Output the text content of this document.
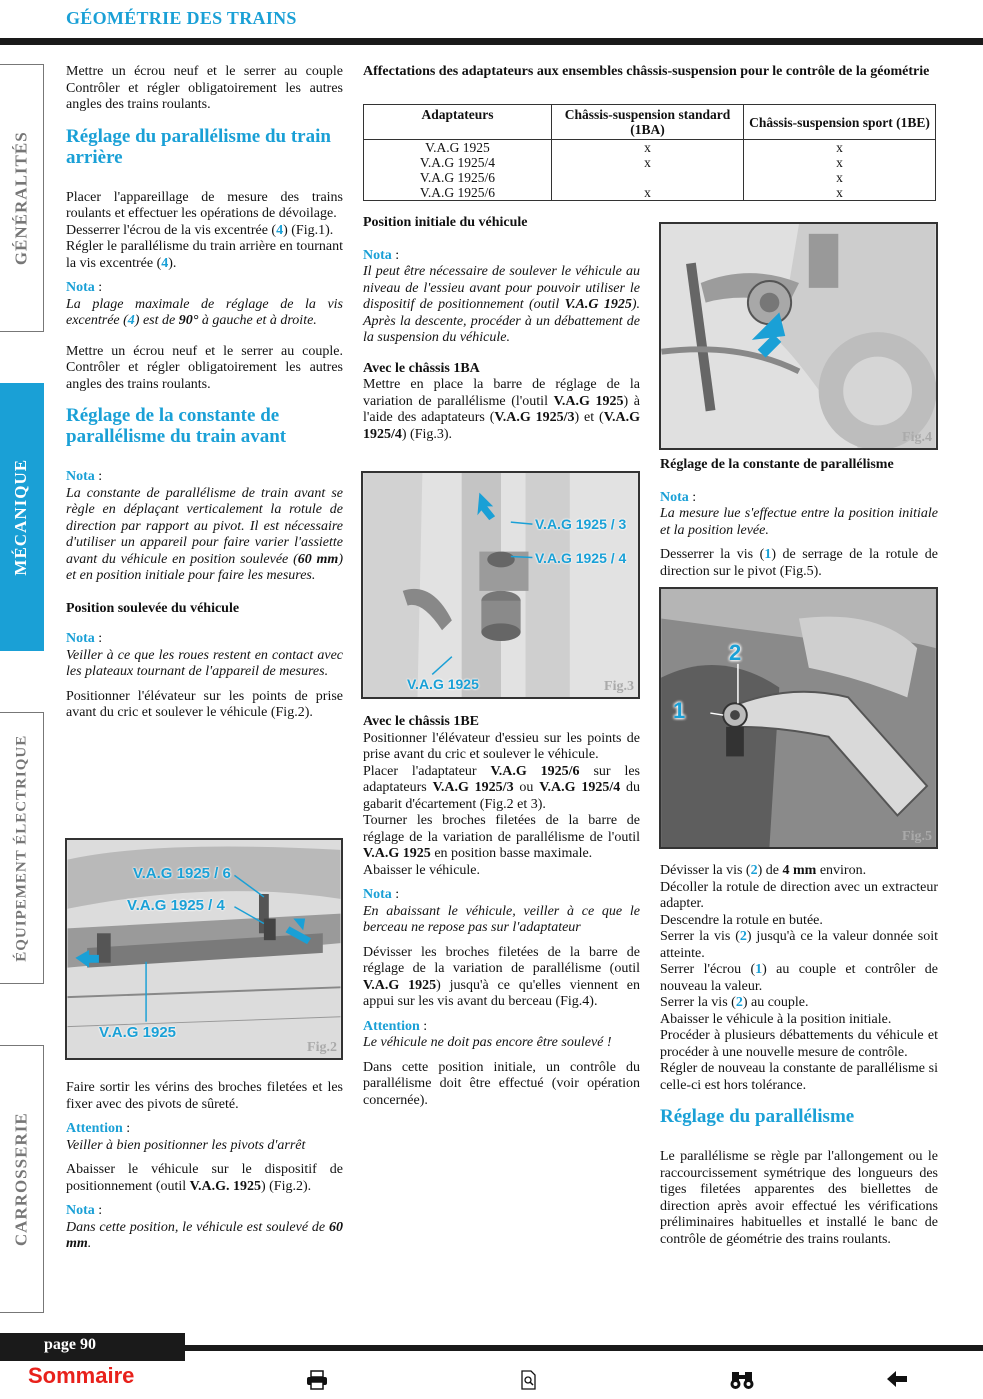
GÉOMÉTRIE DES TRAINS
GÉNÉRALITÉS
MÉCANIQUE
ÉQUIPEMENT ÉLECTRIQUE
CARROSSERIE

Mettre un écrou neuf et le serrer au couple Contrôler et régler obligatoirement les autres angles des trains roulants.

Réglage du parallélisme du train arrière

Placer l'appareillage de mesure des trains roulants et effectuer les opérations de dévoilage.

Desserrer l'écrou de la vis excentrée (4) (Fig.1).

Régler le parallélisme du train arrière en tournant la vis excentrée (4).

Nota :

La plage maximale de réglage de la vis excentrée (4) est de 90° à gauche et à droite.

Mettre un écrou neuf et le serrer au couple. Contrôler et régler obligatoirement les autres angles des trains roulants.

Réglage de la constante de parallélisme du train avant
Nota :

La constante de parallélisme de train avant se règle en déplaçant verticalement la rotule de direction par rapport au pivot. Il est nécessaire d'utiliser un appareil pour faire varier l'assiette avant du véhicule en position soulevée (60 mm) et en position initiale pour faire les mesures.

Position soulevée du véhicule
Nota :

Veiller à ce que les roues restent en contact avec les plateaux tournant de l'appareil de mesures.

Positionner l'élévateur sur les points de prise avant du cric et soulever le véhicule (Fig.2).

V.A.G 1925 / 6
V.A.G 1925 / 4
V.A.G 1925
Fig.2

Faire sortir les vérins des broches filetées et les fixer avec des pivots de sûreté.

Attention :

Veiller à bien positionner les pivots d'arrêt

Abaisser le véhicule sur le dispositif de positionnement (outil V.A.G. 1925) (Fig.2).

Nota :

Dans cette position, le véhicule est soulevé de 60 mm.

Affectations des adaptateurs aux ensembles châssis-suspension pour le contrôle de la géométrie
Adaptateurs	Châssis-suspension standard (1BA)	Châssis-suspension sport (1BE)
V.A.G 1925	x	x
V.A.G 1925/4	x	x
V.A.G 1925/6		x
V.A.G 1925/6	x	x
Position initiale du véhicule
Nota :

Il peut être nécessaire de soulever le véhicule au niveau de l'essieu avant pour pouvoir utiliser le dispositif de positionnement (outil V.A.G 1925). Après la descente, procéder à un débattement de la suspension du véhicule.

Avec le châssis 1BA

Mettre en place la barre de réglage de la variation de parallélisme (l'outil V.A.G 1925) à l'aide des adaptateurs (V.A.G 1925/3) et (V.A.G 1925/4) (Fig.3).

V.A.G 1925 / 3
V.A.G 1925 / 4
V.A.G 1925	Fig.3
Avec le châssis 1BE

Positionner l'élévateur d'essieu sur les points de prise avant du cric et soulever le véhicule.

Placer l'adaptateur V.A.G 1925/6 sur les adaptateurs V.A.G 1925/3 ou V.A.G 1925/4 du gabarit d'écartement (Fig.2 et 3).

Tourner les broches filetées de la barre de réglage de la variation de parallélisme de l'outil V.A.G 1925 en position basse maximale.

Abaisser le véhicule.

Nota :

En abaissant le véhicule, veiller à ce que le berceau ne repose pas sur l'adaptateur

Dévisser les broches filetées de la barre de réglage de la variation de parallélisme (outil V.A.G 1925) jusqu'à ce qu'elles viennent en appui sur les vis avant du berceau (Fig.4).

Attention :

Le véhicule ne doit pas encore être soulevé !

Dans cette position initiale, un contrôle du parallélisme doit être effectué (voir opération concernée).

Fig.4
Réglage de la constante de parallélisme
Nota :

La mesure lue s'effectue entre la position initiale et la position levée.

Desserrer la vis (1) de serrage de la rotule de direction sur le pivot (Fig.5).

2
1
Fig.5

Dévisser la vis (2) de 4 mm environ.

Décoller la rotule de direction avec un extracteur adapter.

Descendre la rotule en butée.

Serrer la vis (2) jusqu'à ce la valeur donnée soit atteinte.

Serrer l'écrou (1) au couple et contrôler de nouveau la valeur.

Serrer la vis (2) au couple.

Abaisser le véhicule à la position initiale.

Procéder à plusieurs débattements du véhicule et procéder à une nouvelle mesure de contrôle.

Régler de nouveau la constante de parallélisme si celle-ci est hors tolérance.

Réglage du parallélisme

Le parallélisme se règle par l'allongement ou le raccourcissement symétrique des longueurs des tiges filetées apparentes des biellettes de direction après avoir effectué les vérifications préliminaires habituelles et installé le banc de contrôle de géométrie des trains roulants.

page 90
Sommaire
